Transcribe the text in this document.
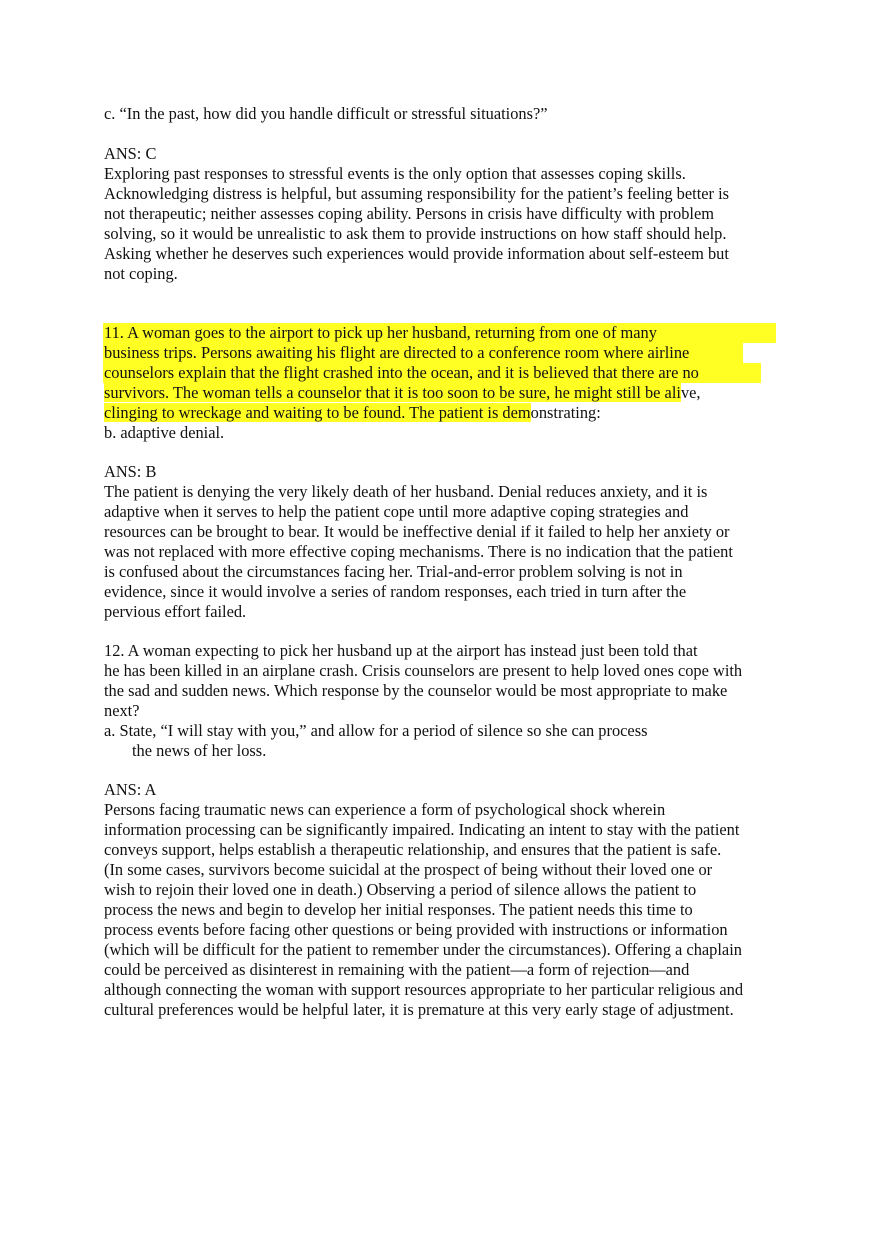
c. “In the past, how did you handle difficult or stressful situations?”
ANS: C
Exploring past responses to stressful events is the only option that assesses coping skills.
Acknowledging distress is helpful, but assuming responsibility for the patient’s feeling better is
not therapeutic; neither assesses coping ability. Persons in crisis have difficulty with problem
solving, so it would be unrealistic to ask them to provide instructions on how staff should help.
Asking whether he deserves such experiences would provide information about self-esteem but
not coping.
11. A woman goes to the airport to pick up her husband, returning from one of many
business trips. Persons awaiting his flight are directed to a conference room where airline
counselors explain that the flight crashed into the ocean, and it is believed that there are no
survivors. The woman tells a counselor that it is too soon to be sure, he might still be alive,
clinging to wreckage and waiting to be found. The patient is demonstrating:
b. adaptive denial.
ANS: B
The patient is denying the very likely death of her husband. Denial reduces anxiety, and it is
adaptive when it serves to help the patient cope until more adaptive coping strategies and
resources can be brought to bear. It would be ineffective denial if it failed to help her anxiety or
was not replaced with more effective coping mechanisms. There is no indication that the patient
is confused about the circumstances facing her. Trial-and-error problem solving is not in
evidence, since it would involve a series of random responses, each tried in turn after the
pervious effort failed.
12. A woman expecting to pick her husband up at the airport has instead just been told that
he has been killed in an airplane crash. Crisis counselors are present to help loved ones cope with
the sad and sudden news. Which response by the counselor would be most appropriate to make
next?
a. State, “I will stay with you,” and allow for a period of silence so she can process
the news of her loss.
ANS: A
Persons facing traumatic news can experience a form of psychological shock wherein
information processing can be significantly impaired. Indicating an intent to stay with the patient
conveys support, helps establish a therapeutic relationship, and ensures that the patient is safe.
(In some cases, survivors become suicidal at the prospect of being without their loved one or
wish to rejoin their loved one in death.) Observing a period of silence allows the patient to
process the news and begin to develop her initial responses. The patient needs this time to
process events before facing other questions or being provided with instructions or information
(which will be difficult for the patient to remember under the circumstances). Offering a chaplain
could be perceived as disinterest in remaining with the patient—a form of rejection—and
although connecting the woman with support resources appropriate to her particular religious and
cultural preferences would be helpful later, it is premature at this very early stage of adjustment.
